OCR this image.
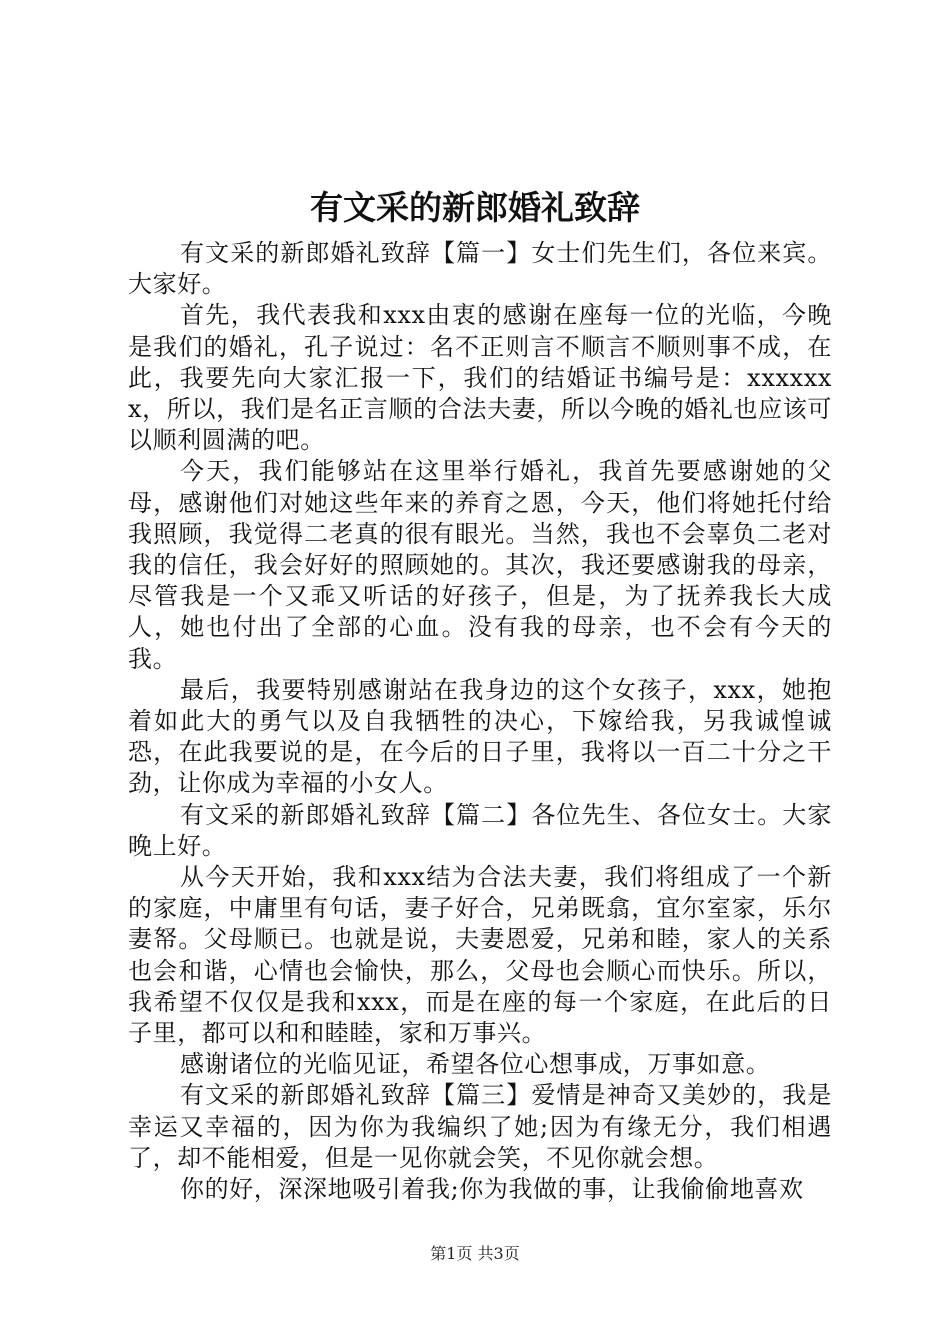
有文采的新郎婚礼致辞

有文采的新郎婚礼致辞【篇一】女士们先生们，各位来宾。大家好。

首先，我代表我和xxx由衷的感谢在座每一位的光临，今晚是我们的婚礼，孔子说过：名不正则言不顺言不顺则事不成，在此，我要先向大家汇报一下，我们的结婚证书编号是：xxxxxxx，所以，我们是名正言顺的合法夫妻，所以今晚的婚礼也应该可以顺利圆满的吧。

今天，我们能够站在这里举行婚礼，我首先要感谢她的父母，感谢他们对她这些年来的养育之恩，今天，他们将她托付给我照顾，我觉得二老真的很有眼光。当然，我也不会辜负二老对我的信任，我会好好的照顾她的。其次，我还要感谢我的母亲，尽管我是一个又乖又听话的好孩子，但是，为了抚养我长大成人，她也付出了全部的心血。没有我的母亲，也不会有今天的我。

最后，我要特别感谢站在我身边的这个女孩子，xxx，她抱着如此大的勇气以及自我牺牲的决心，下嫁给我，另我诚惶诚恐，在此我要说的是，在今后的日子里，我将以一百二十分之干劲，让你成为幸福的小女人。

有文采的新郎婚礼致辞【篇二】各位先生、各位女士。大家晚上好。

从今天开始，我和xxx结为合法夫妻，我们将组成了一个新的家庭，中庸里有句话，妻子好合，兄弟既翕，宜尔室家，乐尔妻帑。父母顺已。也就是说，夫妻恩爱，兄弟和睦，家人的关系也会和谐，心情也会愉快，那么，父母也会顺心而快乐。所以，我希望不仅仅是我和xxx，而是在座的每一个家庭，在此后的日子里，都可以和和睦睦，家和万事兴。

感谢诸位的光临见证，希望各位心想事成，万事如意。

有文采的新郎婚礼致辞【篇三】爱情是神奇又美妙的，我是幸运又幸福的，因为你为我编织了她;因为有缘无分，我们相遇了，却不能相爱，但是一见你就会笑，不见你就会想。

你的好，深深地吸引着我;你为我做的事，让我偷偷地喜欢

第1页 共3页
